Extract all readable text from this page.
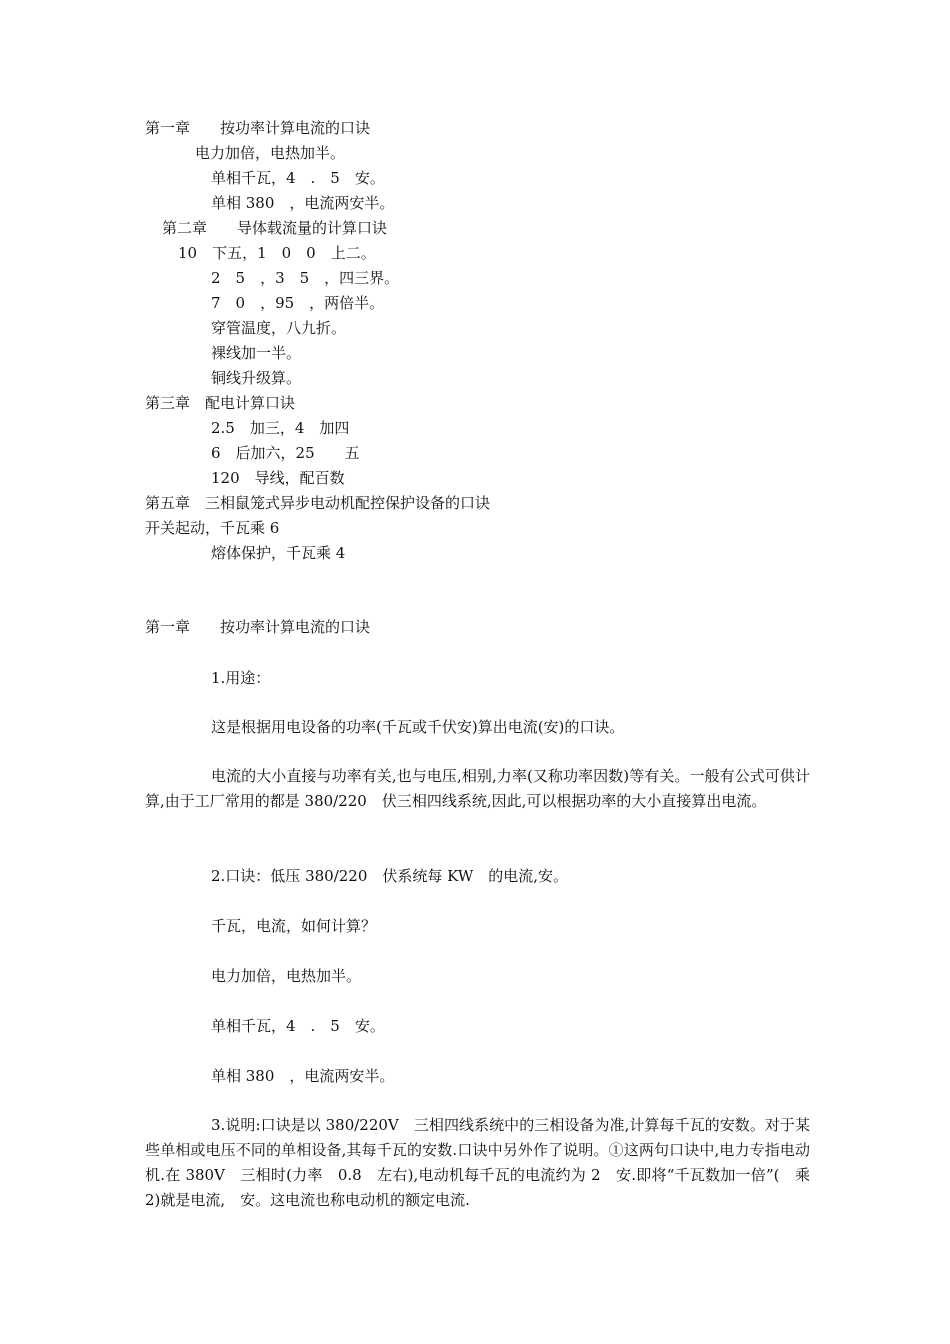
第一章　　按功率计算电流的口诀
电力加倍，电热加半。
单相千瓦，4　.　5　安。
单相 380　，电流两安半。
第二章　　导体载流量的计算口诀
10　下五，1　0　0　上二。
2　5　，3　5　，四三界。
7　0　，95　，两倍半。
穿管温度，八九折。
裸线加一半。
铜线升级算。
第三章　配电计算口诀
2.5　加三，4　加四
6　后加六，25　　五
120　导线，配百数
第五章　三相鼠笼式异步电动机配控保护设备的口诀
开关起动，千瓦乘 6
熔体保护，千瓦乘 4
第一章　　按功率计算电流的口诀
1.用途：
这是根据用电设备的功率(千瓦或千伏安)算出电流(安)的口诀。
电流的大小直接与功率有关,也与电压,相别,力率(又称功率因数)等有关。一般有公式可供计算,由于工厂常用的都是 380/220　伏三相四线系统,因此,可以根据功率的大小直接算出电流。
2.口诀：低压 380/220　伏系统每 KW　的电流,安。
千瓦，电流，如何计算？
电力加倍，电热加半。
单相千瓦，4　.　5　安。
单相 380　，电流两安半。
3.说明:口诀是以 380/220V　三相四线系统中的三相设备为准,计算每千瓦的安数。对于某些单相或电压不同的单相设备,其每千瓦的安数.口诀中另外作了说明。①这两句口诀中,电力专指电动机.在 380V　三相时(力率　0.8　左右),电动机每千瓦的电流约为 2　安.即将“千瓦数加一倍”(　乘 2)就是电流,　安。这电流也称电动机的额定电流.
